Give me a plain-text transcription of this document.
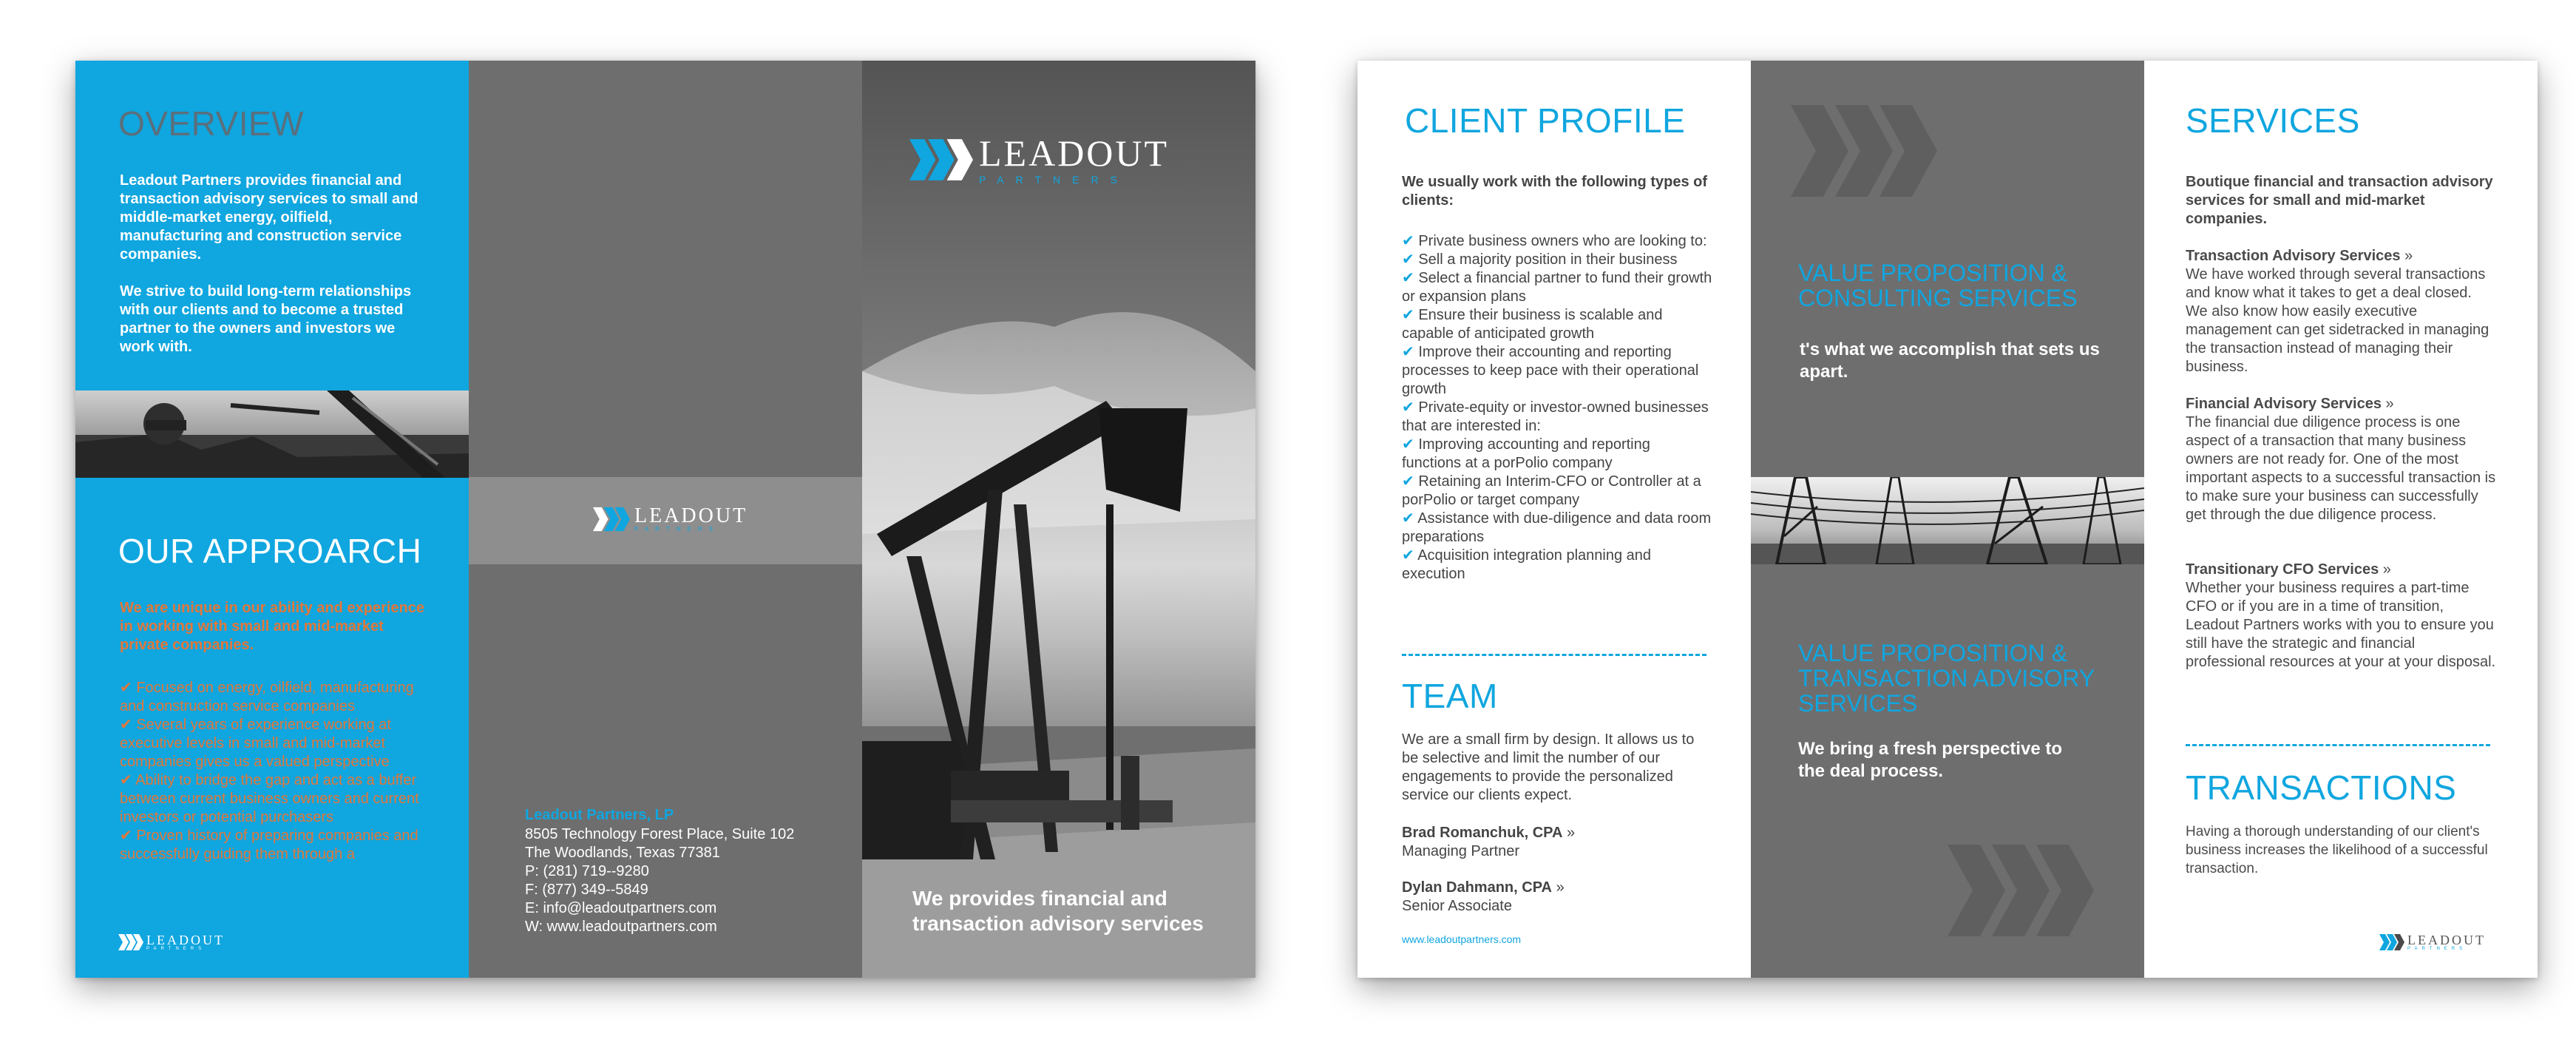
OVERVIEW
Leadout Partners provides financial and transaction advisory services to small and middle-market energy, oilfield, manufacturing and construction service companies.
We strive to build long-term relationships with our clients and to become a trusted partner to the owners and investors we work with.
OUR APPROARCH
We are unique in our ability and experience in working with small and mid-market private companies.
✔ Focused on energy, oilfield, manufacturing and construction service companies
✔ Several years of experience working at executive levels in small and mid-market companies gives us a valued perspective
✔ Ability to bridge the gap and act as a buffer between current business owners and current investors or potential purchasers
✔ Proven history of preparing companies and successfully guiding them through a
LEADOUT
PARTNERS
LEADOUT
PARTNERS
Leadout Partners, LP
8505 Technology Forest Place, Suite 102
The Woodlands, Texas 77381
P: (281) 719--9280
F: (877) 349--5849
E: info@leadoutpartners.com
W: www.leadoutpartners.com
LEADOUT
PARTNERS
We provides financial and transaction advisory services
CLIENT PROFILE
We usually work with the following types of clients:
✔ Private business owners who are looking to:
✔ Sell a majority position in their business
✔ Select a financial partner to fund their growth or expansion plans
✔ Ensure their business is scalable and capable of anticipated growth
✔ Improve their accounting and reporting processes to keep pace with their operational growth
✔ Private-equity or investor-owned businesses that are interested in:
✔ Improving accounting and reporting functions at a porPolio company
✔ Retaining an Interim-CFO or Controller at a porPolio or target company
✔ Assistance with due-diligence and data room preparations
✔ Acquisition integration planning and execution
TEAM
We are a small firm by design. It allows us to be selective and limit the number of our engagements to provide the personalized service our clients expect.
Brad Romanchuk, CPA »
Managing Partner
Dylan Dahmann, CPA »
Senior Associate
www.leadoutpartners.com
VALUE PROPOSITION & CONSULTING SERVICES
t's what we accomplish that sets us apart.
VALUE PROPOSITION & TRANSACTION ADVISORY SERVICES
We bring a fresh perspective to the deal process.
SERVICES
Boutique financial and transaction advisory services for small and mid-market companies.
Transaction Advisory Services »
We have worked through several transactions and know what it takes to get a deal closed. We also know how easily executive management can get sidetracked in managing the transaction instead of managing their business.
Financial Advisory Services »
The financial due diligence process is one aspect of a transaction that many business owners are not ready for. One of the most important aspects to a successful transaction is to make sure your business can successfully get through the due diligence process.
Transitionary CFO Services »
Whether your business requires a part-time CFO or if you are in a time of transition, Leadout Partners works with you to ensure you still have the strategic and financial professional resources at your at your disposal.
TRANSACTIONS
Having a thorough understanding of our client's business increases the likelihood of a successful transaction.
LEADOUT
PARTNERS
